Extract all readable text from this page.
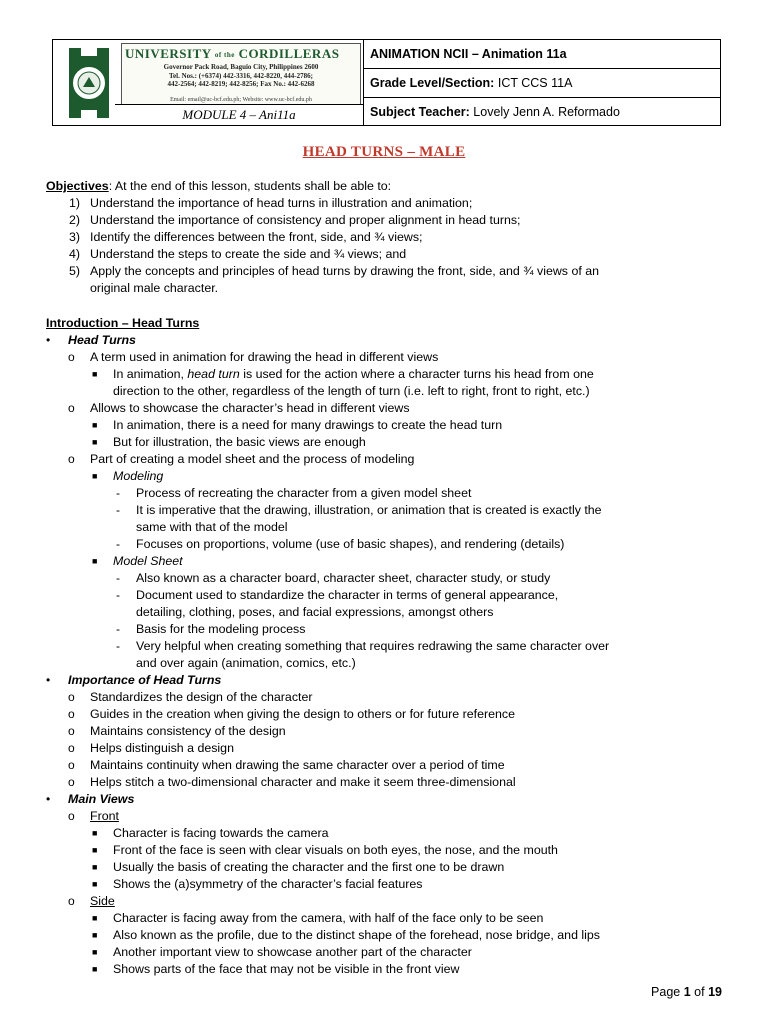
UNIVERSITY of the CORDILLERAS
Governor Pack Road, Baguio City, Philippines 2600
Tel. Nos.: (+6374) 442-3316, 442-8220, 444-2786;
442-2564; 442-8219; 442-8256; Fax No.: 442-6268
Email: email@uc-bcf.edu.ph; Website: www.uc-bcf.edu.ph
MODULE 4 – Ani11a
ANIMATION NCII – Animation 11a
Grade Level/Section:
ICT CCS 11A
Subject Teacher:
Lovely Jenn A. Reformado
HEAD TURNS – MALE
Objectives: At the end of this lesson, students shall be able to:
1) Understand the importance of head turns in illustration and animation;
2) Understand the importance of consistency and proper alignment in head turns;
3) Identify the differences between the front, side, and ¾ views;
4) Understand the steps to create the side and ¾ views; and
5) Apply the concepts and principles of head turns by drawing the front, side, and ¾ views of an
original male character.
Introduction – Head Turns
• Head Turns
o A term used in animation for drawing the head in different views
■ In animation, head turn is used for the action where a character turns his head from one
direction to the other, regardless of the length of turn (i.e. left to right, front to right, etc.)
o Allows to showcase the character’s head in different views
■ In animation, there is a need for many drawings to create the head turn
■ But for illustration, the basic views are enough
o Part of creating a model sheet and the process of modeling
■ Modeling
- Process of recreating the character from a given model sheet
- It is imperative that the drawing, illustration, or animation that is created is exactly the
same with that of the model
- Focuses on proportions, volume (use of basic shapes), and rendering (details)
■ Model Sheet
- Also known as a character board, character sheet, character study, or study
- Document used to standardize the character in terms of general appearance,
detailing, clothing, poses, and facial expressions, amongst others
- Basis for the modeling process
- Very helpful when creating something that requires redrawing the same character over
and over again (animation, comics, etc.)
• Importance of Head Turns
o Standardizes the design of the character
o Guides in the creation when giving the design to others or for future reference
o Maintains consistency of the design
o Helps distinguish a design
o Maintains continuity when drawing the same character over a period of time
o Helps stitch a two-dimensional character and make it seem three-dimensional
• Main Views
o Front
■ Character is facing towards the camera
■ Front of the face is seen with clear visuals on both eyes, the nose, and the mouth
■ Usually the basis of creating the character and the first one to be drawn
■ Shows the (a)symmetry of the character’s facial features
o Side
■ Character is facing away from the camera, with half of the face only to be seen
■ Also known as the profile, due to the distinct shape of the forehead, nose bridge, and lips
■ Another important view to showcase another part of the character
■ Shows parts of the face that may not be visible in the front view
Page 1 of 19
